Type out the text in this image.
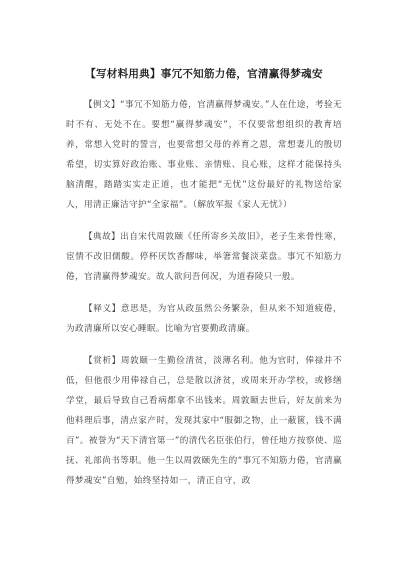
【写材料用典】事冗不知筋力倦，官清赢得梦魂安

【例文】“事冗不知筋力倦，官清赢得梦魂安。”人在仕途，考验无时不有、无处不在。要想“赢得梦魂安”，不仅要常想组织的教育培养，常想入党时的誓言，也要常想父母的养育之恩，常想妻儿的殷切希望，切实算好政治账、事业账、亲情账、良心账，这样才能保持头脑清醒，踏踏实实走正道，也才能把“无忧”这份最好的礼物送给家人，用清正廉洁守护“全家福”。（解放军报《家人无忧》）

【典故】出自宋代周敦颐《任所寄乡关故旧》，老子生来骨性寒，宦情不改旧儒酸。停杯厌饮香醪味，举箸常餐淡菜盘。事冗不知筋力倦，官清赢得梦魂安。故人欲问吾何况，为道舂陵只一般。

【释义】意思是，为官从政虽然公务繁杂，但从来不知道疲倦，为政清廉所以安心睡眠。比喻为官要勤政清廉。

【赏析】周敦颐一生勤俭清贫，淡薄名利。他为官时，俸禄并不低，但他很少用俸禄自己，总是散以济贫，或周来开办学校，或修缮学堂，最后导致自己看病都拿不出钱来。周敦颐去世后，好友前来为他料理后事，清点家产时，发现其家中“服御之物，止一蔽篋，钱不满百”。被誉为“天下清官第一”的清代名臣张伯行，曾任地方按察使、巡抚、礼部尚书等职。他一生以周敦颐先生的“事冗不知筋力倦，官清赢得梦魂安”自勉，始终坚持如一，清正自守，政
